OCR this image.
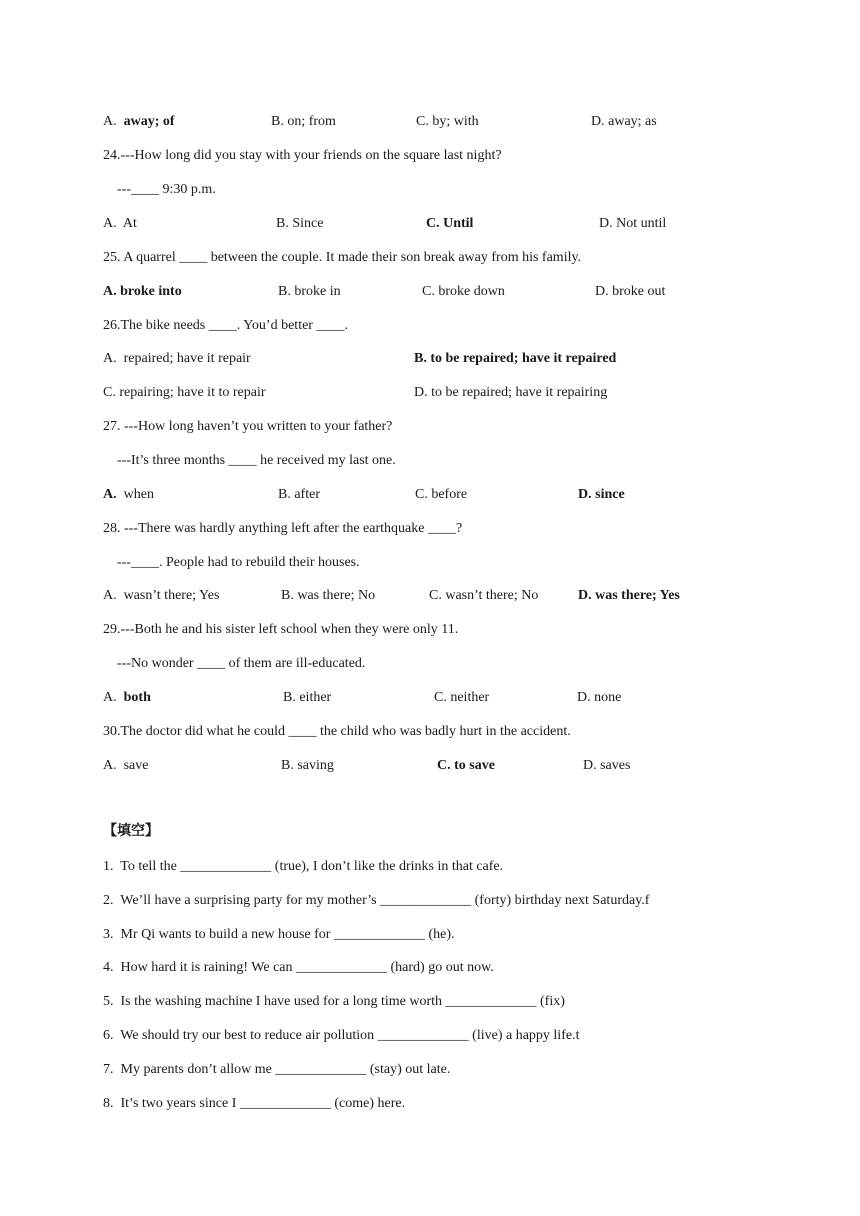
A. away; of	B. on; from	C. by; with	D. away; as
24.---How long did you stay with your friends on the square last night?
---____ 9:30 p.m.
A.  At	B. Since	C. Until	D. Not until
25. A quarrel ____ between the couple. It made their son break away from his family.
A. broke into	B. broke in	C. broke down	D. broke out
26.The bike needs ____. You’d better ____.
A.  repaired; have it repair	B. to be repaired; have it repaired
C. repairing; have it to repair	D. to be repaired; have it repairing
27. ---How long haven’t you written to your father?
---It’s three months ____ he received my last one.
A. when	B. after	C. before	D. since
28. ---There was hardly anything left after the earthquake ____?
---____. People had to rebuild their houses.
A.  wasn’t there; Yes	B. was there; No	C. wasn’t there; No	D. was there; Yes
29.---Both he and his sister left school when they were only 11.
---No wonder ____ of them are ill-educated.
A. both	B. either	C. neither	D. none
30.The doctor did what he could ____ the child who was badly hurt in the accident.
A.  save	B. saving	C. to save	D. saves
【填空】
1.  To tell the _____________ (true), I don’t like the drinks in that cafe.
2.  We’ll have a surprising party for my mother’s _____________ (forty) birthday next Saturday.f
3.  Mr Qi wants to build a new house for _____________ (he).
4.  How hard it is raining! We can _____________ (hard) go out now.
5.  Is the washing machine I have used for a long time worth _____________ (fix)
6.  We should try our best to reduce air pollution _____________ (live) a happy life.t
7.  My parents don’t allow me _____________ (stay) out late.
8.  It’s two years since I _____________ (come) here.
